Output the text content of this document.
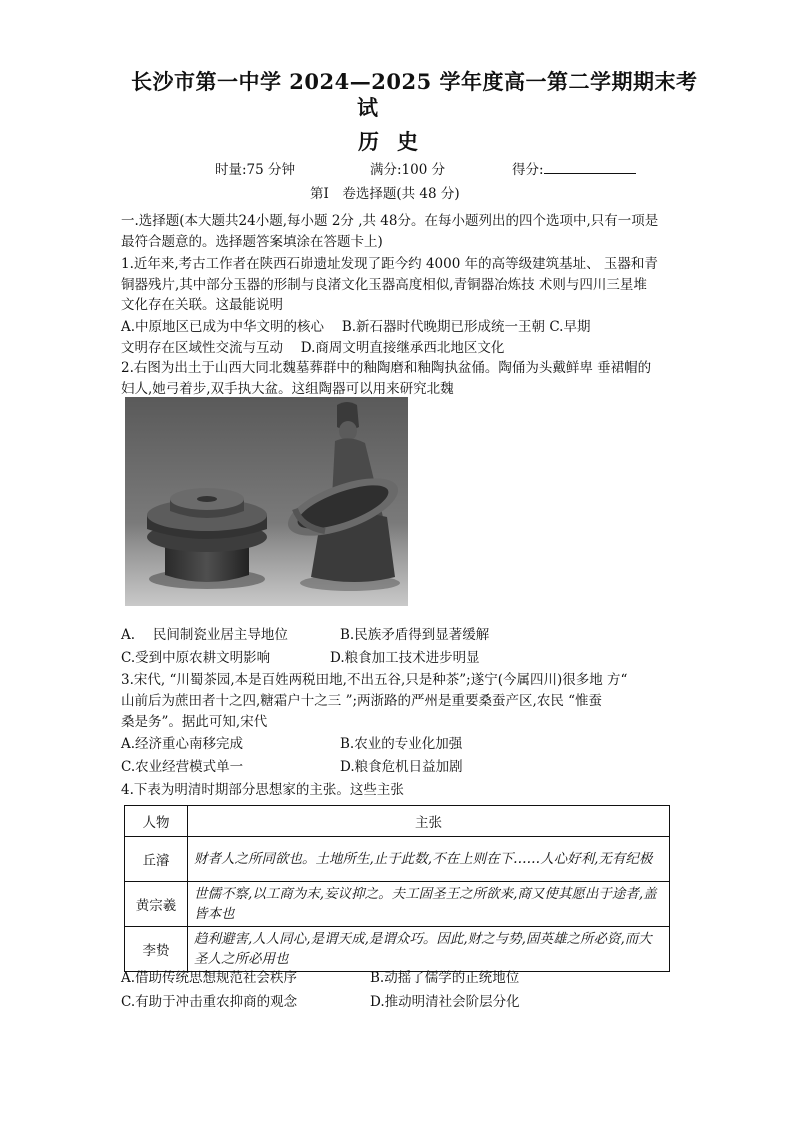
长沙市第一中学 2024—2025 学年度高一第二学期期末考
试
历史
时量:75 分钟	满分:100 分	得分:
第Ⅰ　卷选择题(共 48 分)
一.选择题(本大题共24小题,每小题 2分 ,共 48分。在每小题列出的四个选项中,只有一项是
最符合题意的。选择题答案填涂在答题卡上)
1.近年来,考古工作者在陕西石峁遗址发现了距今约 4000 年的高等级建筑基址、 玉器和青
铜器残片,其中部分玉器的形制与良渚文化玉器高度相似,青铜器冶炼技 术则与四川三星堆
文化存在关联。这最能说明
A.中原地区已成为中华文明的核心　 B.新石器时代晚期已形成统一王朝 C.早期
文明存在区域性交流与互动　 D.商周文明直接继承西北地区文化
2.右图为出土于山西大同北魏墓葬群中的釉陶磨和釉陶执盆俑。陶俑为头戴鲜卑 垂裙帽的
妇人,她弓着步,双手执大盆。这组陶器可以用来研究北魏
A.　 民间制瓷业居主导地位	B.民族矛盾得到显著缓解
C.受到中原农耕文明影响	D.粮食加工技术进步明显
3.宋代, “川蜀茶园,本是百姓两税田地,不出五谷,只是种茶”;遂宁(今属四川)很多地 方“
山前后为蔗田者十之四,糖霜户十之三 ”;两浙路的严州是重要桑蚕产区,农民 “惟蚕
桑是务”。据此可知,宋代
A.经济重心南移完成	B.农业的专业化加强
C.农业经营模式单一	D.粮食危机日益加剧
4.下表为明清时期部分思想家的主张。这些主张
人物	主张
丘濬	财者人之所同欲也。土地所生,止于此数,不在上则在下……人心好利,无有纪极
黄宗羲	世儒不察,以工商为末,妄议抑之。夫工固圣王之所欲来,商又使其愿出于途者,盖皆本也
李贽	趋利避害,人人同心,是谓天成,是谓众巧。因此,财之与势,固英雄之所必资,而大圣人之所必用也
A.借助传统思想规范社会秩序	B.动摇了儒学的正统地位
C.有助于冲击重农抑商的观念	D.推动明清社会阶层分化
